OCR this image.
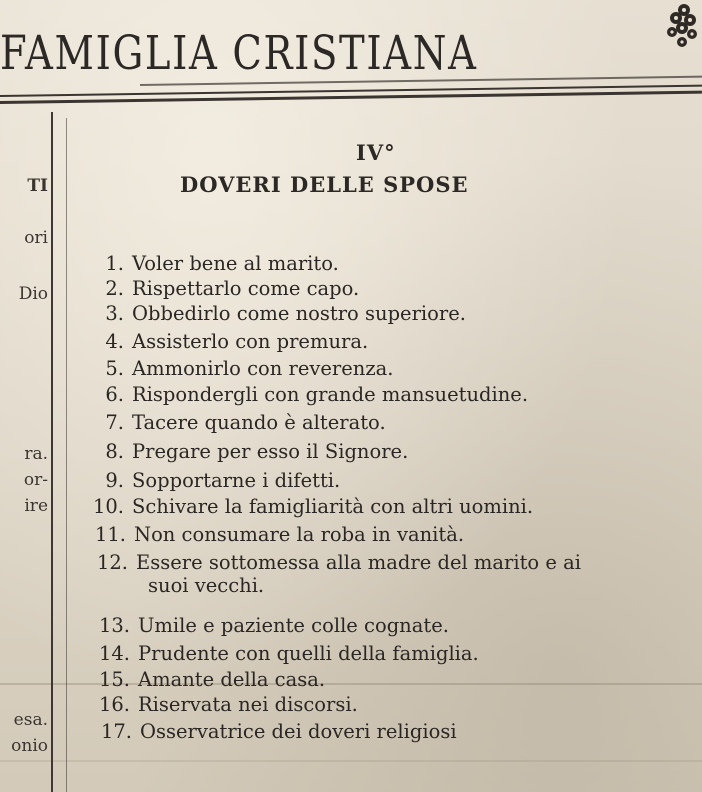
FAMIGLIA CRISTIANA
TI
ori
Dio
ra.
or-
ire
esa.
onio
IV°
DOVERI DELLE SPOSE
1. Voler bene al marito.
2. Rispettarlo come capo.
3. Obbedirlo come nostro superiore.
4. Assisterlo con premura.
5. Ammonirlo con reverenza.
6. Rispondergli con grande mansuetudine.
7. Tacere quando è alterato.
8. Pregare per esso il Signore.
9. Sopportarne i difetti.
10. Schivare la famigliarità con altri uomini.
11. Non consumare la roba in vanità.
12. Essere sottomessa alla madre del marito e ai
suoi vecchi.
13. Umile e paziente colle cognate.
14. Prudente con quelli della famiglia.
15. Amante della casa.
16. Riservata nei discorsi.
17. Osservatrice dei doveri religiosi
